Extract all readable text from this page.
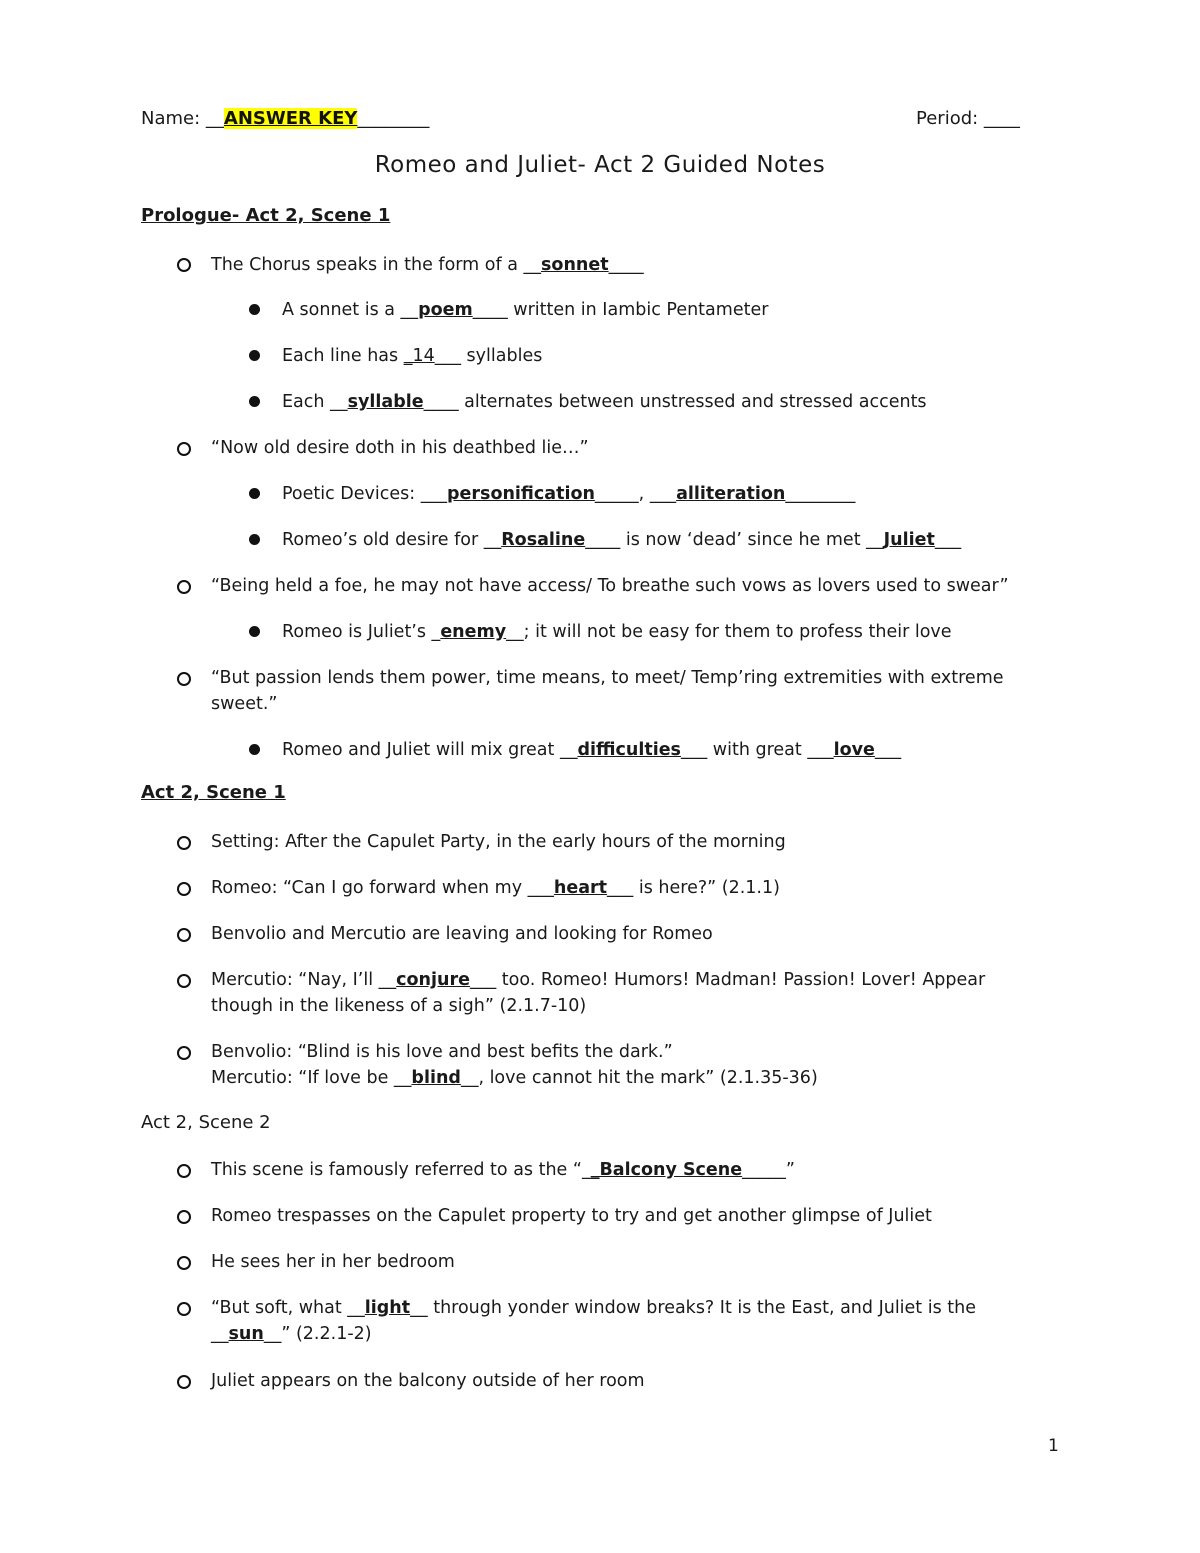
Name: __ANSWER KEY________	Period: ____
Romeo and Juliet- Act 2 Guided Notes
Prologue- Act 2, Scene 1
The Chorus speaks in the form of a __sonnet____
A sonnet is a __poem____ written in Iambic Pentameter
Each line has _14___ syllables
Each __syllable____ alternates between unstressed and stressed accents
“Now old desire doth in his deathbed lie…”
Poetic Devices: ___personification_____, ___alliteration________
Romeo’s old desire for __Rosaline____ is now ‘dead’ since he met __Juliet___
“Being held a foe, he may not have access/ To breathe such vows as lovers used to swear”
Romeo is Juliet’s _enemy__; it will not be easy for them to profess their love
“But passion lends them power, time means, to meet/ Temp’ring extremities with extreme
sweet.”
Romeo and Juliet will mix great __difficulties___ with great ___love___
Act 2, Scene 1
Setting: After the Capulet Party, in the early hours of the morning
Romeo: “Can I go forward when my ___heart___ is here?” (2.1.1)
Benvolio and Mercutio are leaving and looking for Romeo
Mercutio: “Nay, I’ll __conjure___ too. Romeo! Humors! Madman! Passion! Lover! Appear
though in the likeness of a sigh” (2.1.7-10)
Benvolio: “Blind is his love and best befits the dark.”
Mercutio: “If love be __blind__, love cannot hit the mark” (2.1.35-36)
Act 2, Scene 2
This scene is famously referred to as the “__Balcony Scene_____”
Romeo trespasses on the Capulet property to try and get another glimpse of Juliet
He sees her in her bedroom
“But soft, what __light__ through yonder window breaks? It is the East, and Juliet is the
__sun__” (2.2.1-2)
Juliet appears on the balcony outside of her room
1
